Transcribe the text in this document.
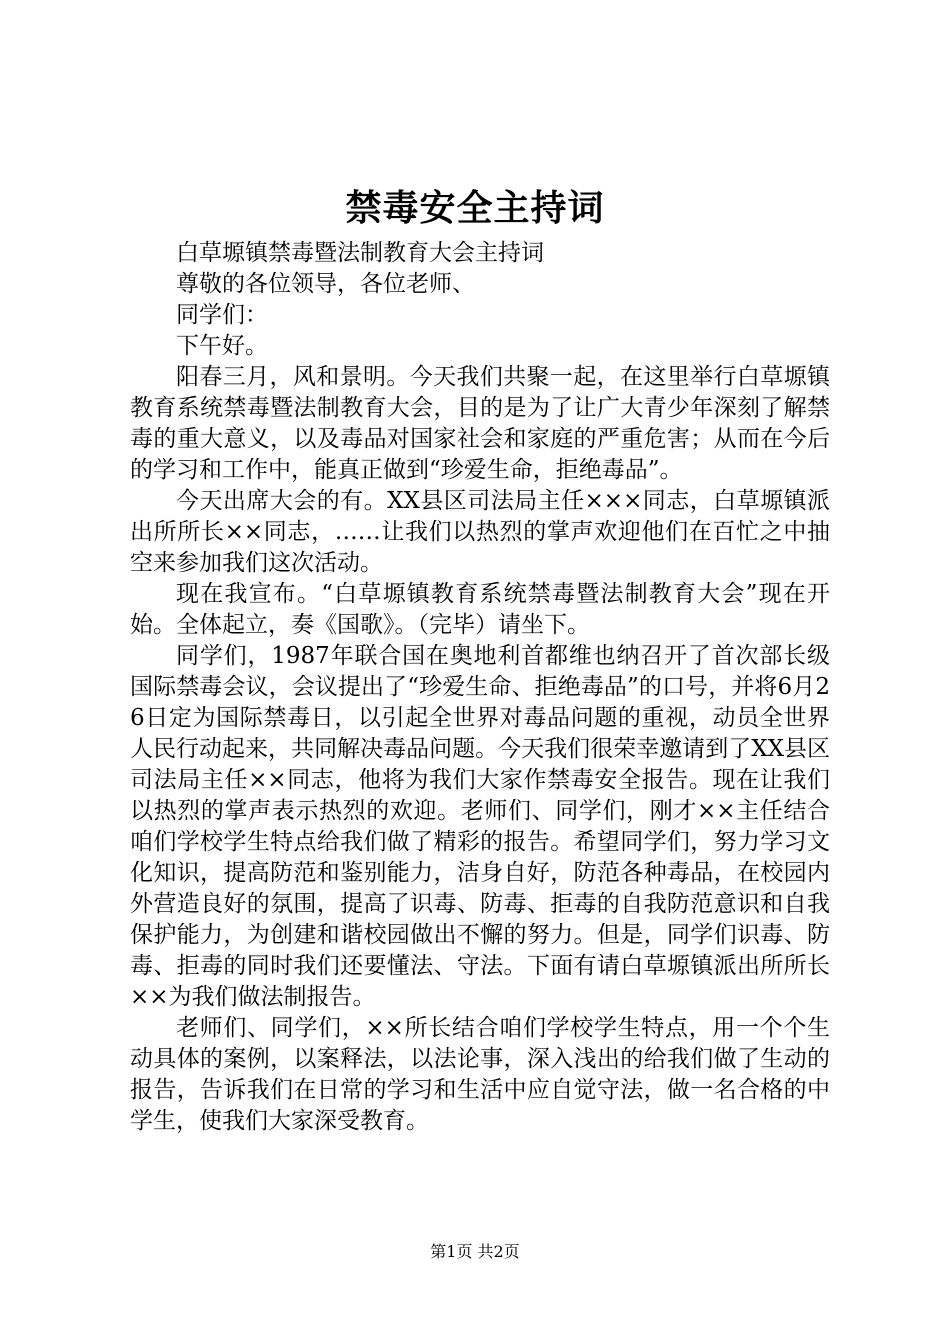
禁毒安全主持词

白草塬镇禁毒暨法制教育大会主持词

尊敬的各位领导，各位老师、

同学们：

下午好。

阳春三月，风和景明。今天我们共聚一起，在这里举行白草塬镇教育系统禁毒暨法制教育大会，目的是为了让广大青少年深刻了解禁毒的重大意义，以及毒品对国家社会和家庭的严重危害；从而在今后的学习和工作中，能真正做到“珍爱生命，拒绝毒品”。

今天出席大会的有。XX县区司法局主任×××同志，白草塬镇派出所所长××同志，……让我们以热烈的掌声欢迎他们在百忙之中抽空来参加我们这次活动。

现在我宣布。“白草塬镇教育系统禁毒暨法制教育大会”现在开始。全体起立，奏《国歌》。（完毕）请坐下。

同学们，1987年联合国在奥地利首都维也纳召开了首次部长级国际禁毒会议，会议提出了“珍爱生命、拒绝毒品”的口号，并将6月26日定为国际禁毒日，以引起全世界对毒品问题的重视，动员全世界人民行动起来，共同解决毒品问题。今天我们很荣幸邀请到了XX县区司法局主任××同志，他将为我们大家作禁毒安全报告。现在让我们以热烈的掌声表示热烈的欢迎。老师们、同学们，刚才××主任结合咱们学校学生特点给我们做了精彩的报告。希望同学们，努力学习文化知识，提高防范和鉴别能力，洁身自好，防范各种毒品，在校园内外营造良好的氛围，提高了识毒、防毒、拒毒的自我防范意识和自我保护能力，为创建和谐校园做出不懈的努力。但是，同学们识毒、防毒、拒毒的同时我们还要懂法、守法。下面有请白草塬镇派出所所长××为我们做法制报告。

老师们、同学们，××所长结合咱们学校学生特点，用一个个生动具体的案例，以案释法，以法论事，深入浅出的给我们做了生动的报告，告诉我们在日常的学习和生活中应自觉守法，做一名合格的中学生，使我们大家深受教育。

第1页 共2页
